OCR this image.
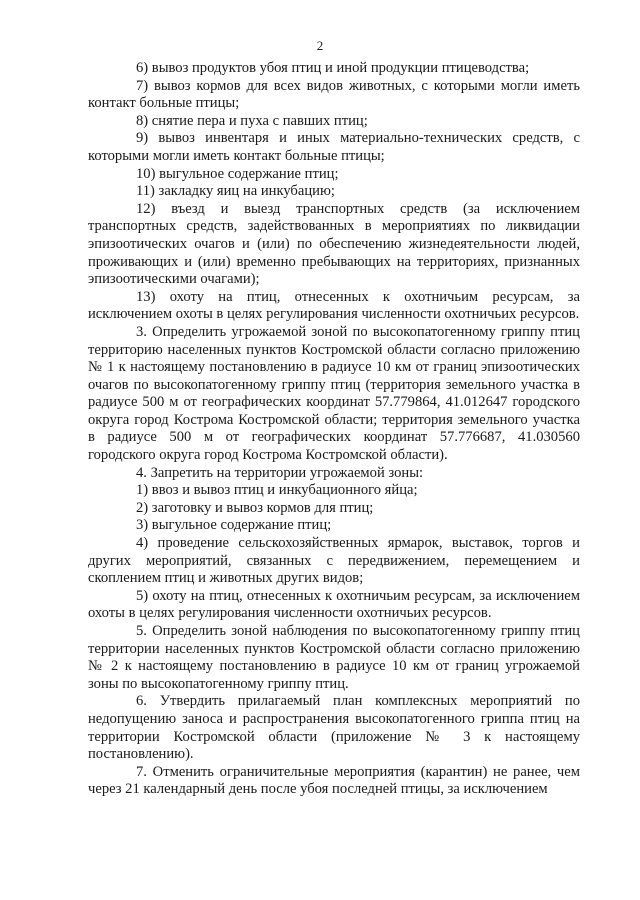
2

6) вывоз продуктов убоя птиц и иной продукции птицеводства;

7) вывоз кормов для всех видов животных, с которыми могли иметь контакт больные птицы;

8) снятие пера и пуха с павших птиц;

9) вывоз инвентаря и иных материально-технических средств, с которыми могли иметь контакт больные птицы;

10) выгульное содержание птиц;

11) закладку яиц на инкубацию;

12) въезд и выезд транспортных средств (за исключением транспортных средств, задействованных в мероприятиях по ликвидации эпизоотических очагов и (или) по обеспечению жизнедеятельности людей, проживающих и (или) временно пребывающих на территориях, признанных эпизоотическими очагами);

13) охоту на птиц, отнесенных к охотничьим ресурсам, за исключением охоты в целях регулирования численности охотничьих ресурсов.

3. Определить угрожаемой зоной по высокопатогенному гриппу птиц территорию населенных пунктов Костромской области согласно приложению № 1 к настоящему постановлению в радиусе 10 км от границ эпизоотических очагов по высокопатогенному гриппу птиц (территория земельного участка в радиусе 500 м от географических координат 57.779864, 41.012647 городского округа город Кострома Костромской области; территория земельного участка в радиусе 500 м от географических координат 57.776687, 41.030560 городского округа город Кострома Костромской области).

4. Запретить на территории угрожаемой зоны:

1) ввоз и вывоз птиц и инкубационного яйца;

2) заготовку и вывоз кормов для птиц;

3) выгульное содержание птиц;

4) проведение сельскохозяйственных ярмарок, выставок, торгов и других мероприятий, связанных с передвижением, перемещением и скоплением птиц и животных других видов;

5) охоту на птиц, отнесенных к охотничьим ресурсам, за исключением охоты в целях регулирования численности охотничьих ресурсов.

5. Определить зоной наблюдения по высокопатогенному гриппу птиц территории населенных пунктов Костромской области согласно приложению № 2 к настоящему постановлению в радиусе 10 км от границ угрожаемой зоны по высокопатогенному гриппу птиц.

6. Утвердить прилагаемый план комплексных мероприятий по недопущению заноса и распространения высокопатогенного гриппа птиц на территории Костромской области (приложение № 3 к настоящему постановлению).

7. Отменить ограничительные мероприятия (карантин) не ранее, чем через 21 календарный день после убоя последней птицы, за исключением
